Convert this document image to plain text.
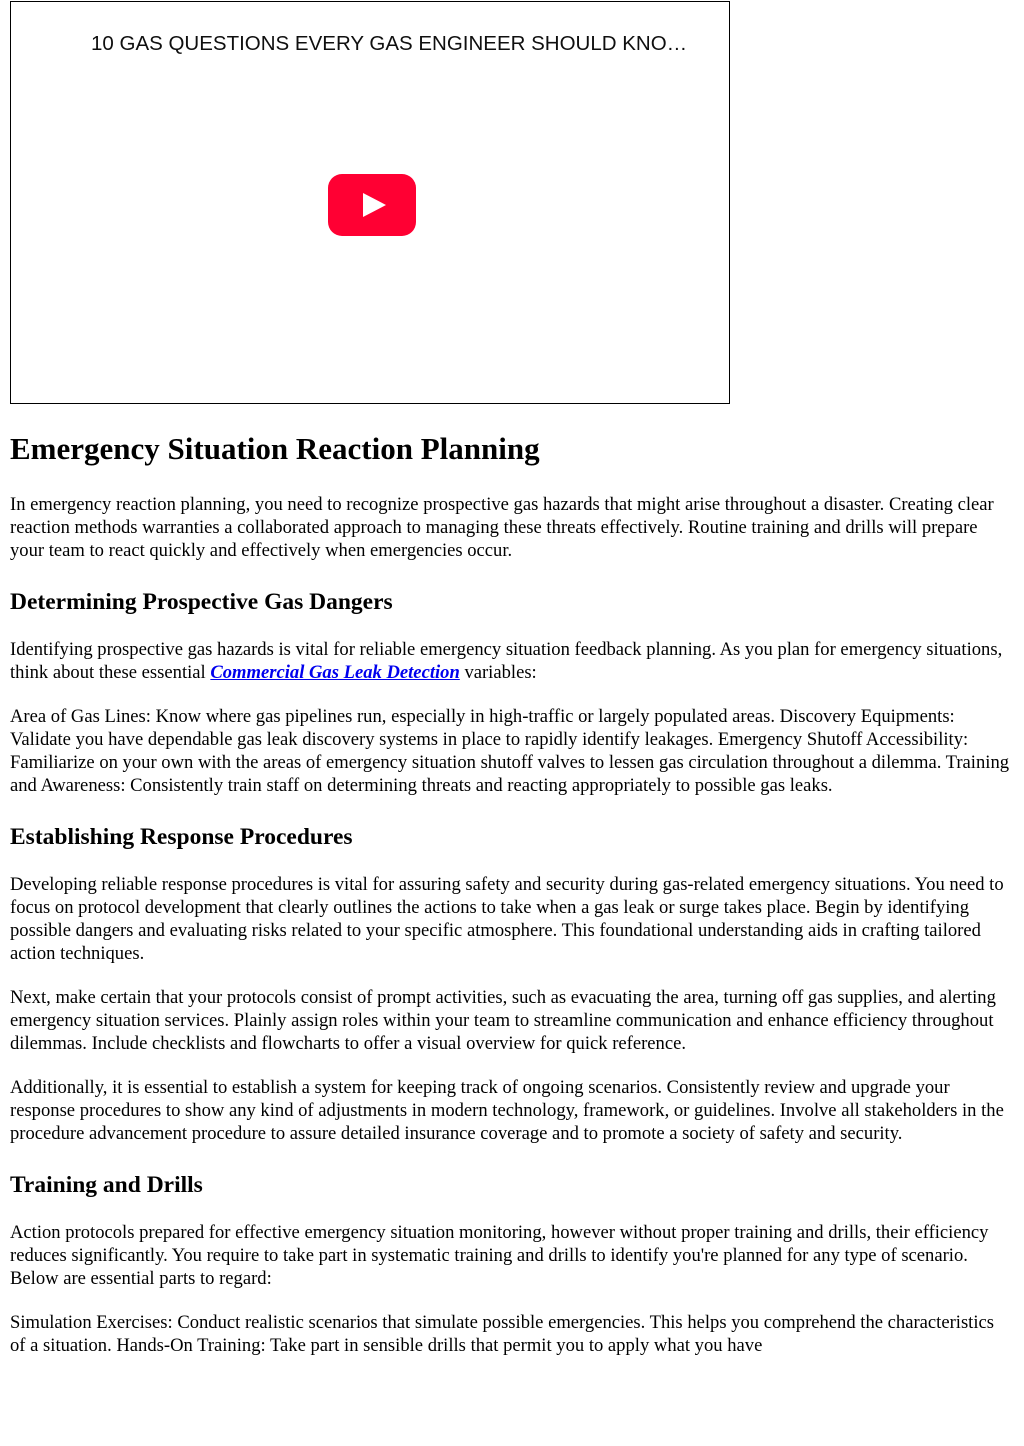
10 GAS QUESTIONS EVERY GAS ENGINEER SHOULD KNO…
Emergency Situation Reaction Planning

In emergency reaction planning, you need to recognize prospective gas hazards that might arise throughout a disaster. Creating clear reaction methods warranties a collaborated approach to managing these threats effectively. Routine training and drills will prepare your team to react quickly and effectively when emergencies occur.

Determining Prospective Gas Dangers

Identifying prospective gas hazards is vital for reliable emergency situation feedback planning. As you plan for emergency situations, think about these essential Commercial Gas Leak Detection variables:

Area of Gas Lines: Know where gas pipelines run, especially in high-traffic or largely populated areas. Discovery Equipments: Validate you have dependable gas leak discovery systems in place to rapidly identify leakages. Emergency Shutoff Accessibility: Familiarize on your own with the areas of emergency situation shutoff valves to lessen gas circulation throughout a dilemma. Training and Awareness: Consistently train staff on determining threats and reacting appropriately to possible gas leaks.

Establishing Response Procedures

Developing reliable response procedures is vital for assuring safety and security during gas-related emergency situations. You need to focus on protocol development that clearly outlines the actions to take when a gas leak or surge takes place. Begin by identifying possible dangers and evaluating risks related to your specific atmosphere. This foundational understanding aids in crafting tailored action techniques.

Next, make certain that your protocols consist of prompt activities, such as evacuating the area, turning off gas supplies, and alerting emergency situation services. Plainly assign roles within your team to streamline communication and enhance efficiency throughout dilemmas. Include checklists and flowcharts to offer a visual overview for quick reference.

Additionally, it is essential to establish a system for keeping track of ongoing scenarios. Consistently review and upgrade your response procedures to show any kind of adjustments in modern technology, framework, or guidelines. Involve all stakeholders in the procedure advancement procedure to assure detailed insurance coverage and to promote a society of safety and security.

Training and Drills

Action protocols prepared for effective emergency situation monitoring, however without proper training and drills, their efficiency reduces significantly. You require to take part in systematic training and drills to identify you're planned for any type of scenario. Below are essential parts to regard:

Simulation Exercises: Conduct realistic scenarios that simulate possible emergencies. This helps you comprehend the characteristics of a situation. Hands-On Training: Take part in sensible drills that permit you to apply what you have
